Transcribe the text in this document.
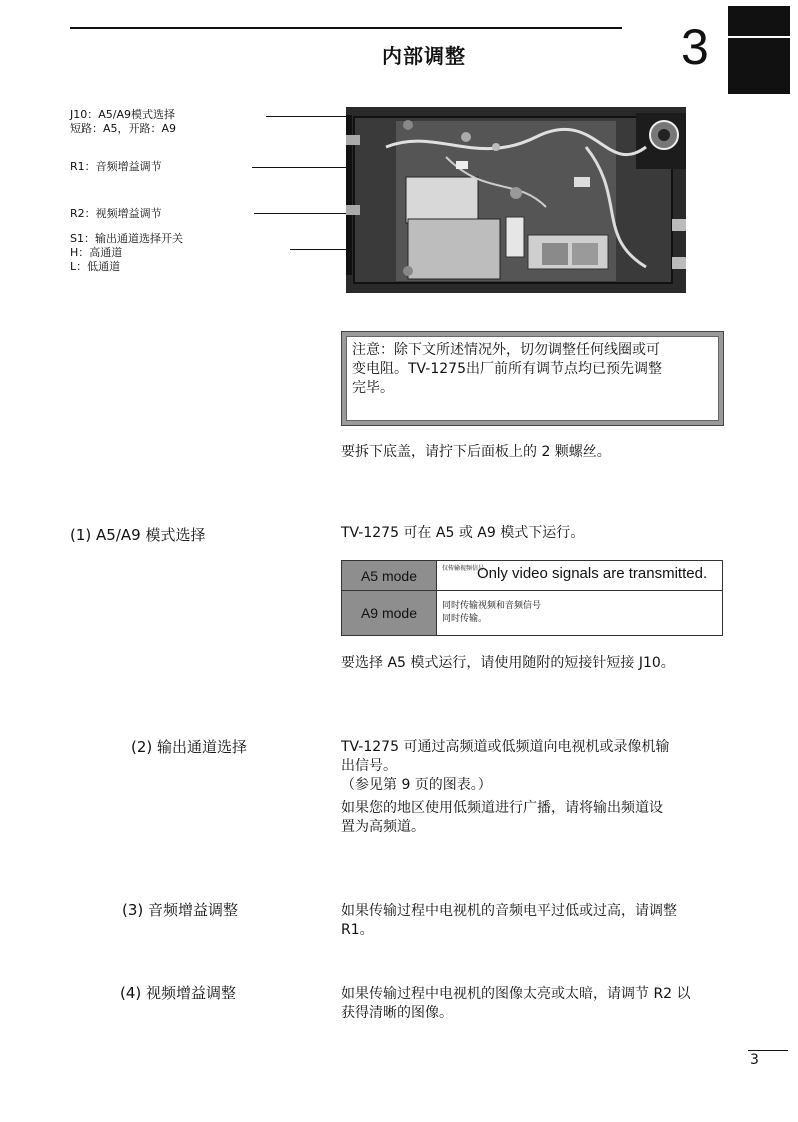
内部调整	3
J10：A5/A9模式选择
短路：A5，开路：A9
R1：音频增益调节
R2：视频增益调节
S1：输出通道选择开关
H：高通道
L：低通道
注意：除下文所述情况外，切勿调整任何线圈或可
变电阻。TV-1275出厂前所有调节点均已预先调整
完毕。
要拆下底盖，请拧下后面板上的 2 颗螺丝。
(1) A5/A9 模式选择	TV-1275 可在 A5 或 A9 模式下运行。
A5 mode	仅传输视频信号。
Only video signals are transmitted.

A9 mode	同时传输视频和音频信号
同时传输。
要选择 A5 模式运行，请使用随附的短接针短接 J10。
(2) 输出通道选择	TV-1275 可通过高频道或低频道向电视机或录像机输
出信号。
（参见第 9 页的图表。）
如果您的地区使用低频道进行广播，请将输出频道设
置为高频道。
(3) 音频增益调整	如果传输过程中电视机的音频电平过低或过高，请调整
R1。
(4) 视频增益调整	如果传输过程中电视机的图像太亮或太暗，请调节 R2 以
获得清晰的图像。
3
